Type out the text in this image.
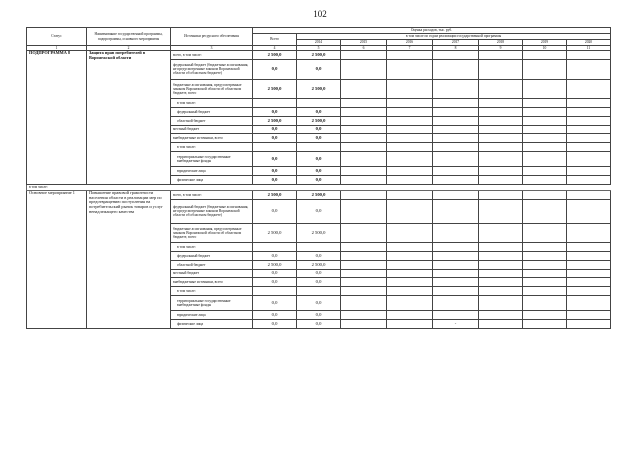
102
Статус	Наименование государственной программы, подпрограммы, основного мероприятия	Источники ресурсного обеспечения	Оценка расходов, тыс. руб.							
			Всего	в том числе по годам реализации государственной программы						
				2014	2015	2016	2017	2018	2019	2020
1	2	3	4	5	6	7	8	9	10	11
ПОДПРОГРАММА 8	Защита прав потребителей в Воронежской области	всего, в том числе:	2 500,0	2 500,0						
		федеральный бюджет (бюджетные ассигнования, не предусмотренные законом Воронежской области об областном бюджете)	0,0	0,0						
		бюджетные ассигнования, предусмотренные законом Воронежской области об областном бюджете, всего	2 500,0	2 500,0						
		в том числе:								
		федеральный бюджет	0,0	0,0						
		областной бюджет	2 500,0	2 500,0						
		местный бюджет	0,0	0,0						
		внебюджетные источники, всего	0,0	0,0						
		в том числе:								
		территориальные государственные внебюджетные фонды	0,0	0,0						
		юридические лица	0,0	0,0						
		физические лица	0,0	0,0						
в том числе:										
Основное мероприятие 1	Повышение правовой грамотности населения области в реализации мер по предотвращению поступления на потребительский рынок товаров и услуг ненадлежащего качества	всего, в том числе:	2 500,0	2 500,0						
		федеральный бюджет (бюджетные ассигнования, не предусмотренные законом Воронежской области об областном бюджете)	0,0	0,0						
		бюджетные ассигнования, предусмотренные законом Воронежской области об областном бюджете, всего	2 500,0	2 500,0						
		в том числе:								
		федеральный бюджет	0,0	0,0						
		областной бюджет	2 500,0	2 500,0						
		местный бюджет	0,0	0,0						
		внебюджетные источники, всего	0,0	0,0						
		в том числе:								
		территориальные государственные внебюджетные фонды	0,0	0,0						
		юридические лица	0,0	0,0						
		физические лица	0,0	0,0			-			
